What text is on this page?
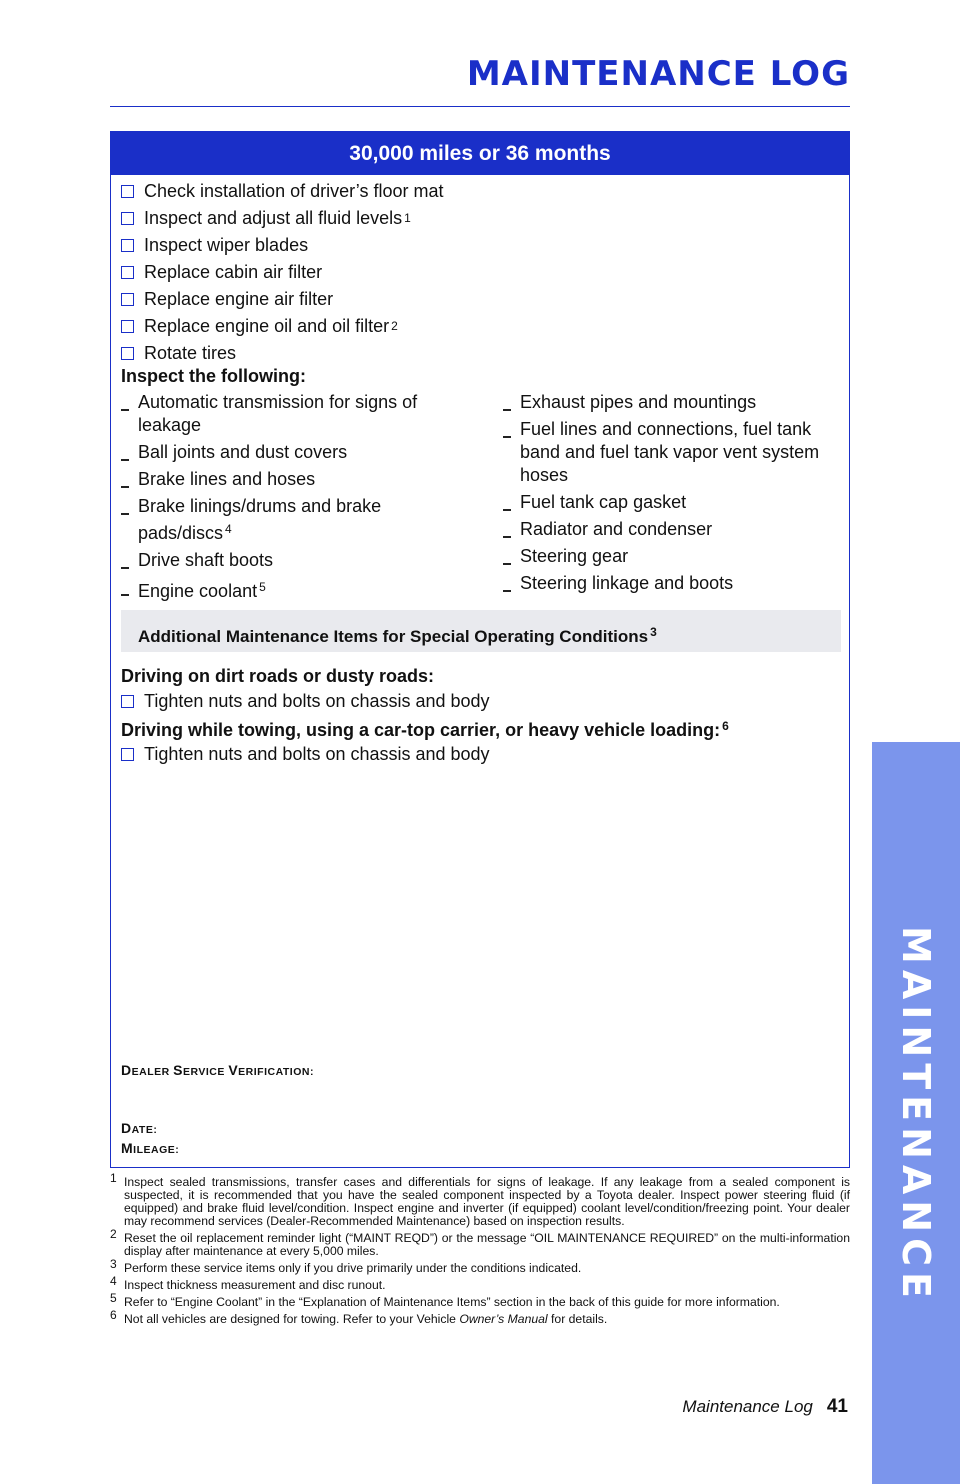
MAINTENANCE LOG
MAINTENANCE
30,000 miles or 36 months
Check installation of driver’s floor mat
Inspect and adjust all fluid levels 1
Inspect wiper blades
Replace cabin air filter
Replace engine air filter
Replace engine oil and oil filter 2
Rotate tires
Inspect the following:
Automatic transmission for signs of leakage
Ball joints and dust covers
Brake lines and hoses
Brake linings/drums and brake pads/discs $^4$
Drive shaft boots
Engine coolant $^5$
Exhaust pipes and mountings
Fuel lines and connections, fuel tank band and fuel tank vapor vent system hoses
Fuel tank cap gasket
Radiator and condenser
Steering gear
Steering linkage and boots
Additional Maintenance Items for Special Operating Conditions $^3$
Driving on dirt roads or dusty roads:
Tighten nuts and bolts on chassis and body
Driving while towing, using a car-top carrier, or heavy vehicle loading: $^6$
Tighten nuts and bolts on chassis and body
DEALER SERVICE VERIFICATION:
DATE:
MILEAGE:
1 Inspect sealed transmissions, transfer cases and differentials for signs of leakage. If any leakage from a sealed component is suspected, it is recommended that you have the sealed component inspected by a Toyota dealer. Inspect power steering fluid (if equipped) and brake fluid level/condition. Inspect engine and inverter (if equipped) coolant level/condition/freezing point. Your dealer may recommend services (Dealer-Recommended Maintenance) based on inspection results.
2 Reset the oil replacement reminder light (“MAINT REQD”) or the message “OIL MAINTENANCE REQUIRED” on the multi-information display after maintenance at every 5,000 miles.
3 Perform these service items only if you drive primarily under the conditions indicated.
4 Inspect thickness measurement and disc runout.
5 Refer to “Engine Coolant” in the “Explanation of Maintenance Items” section in the back of this guide for more information.
6 Not all vehicles are designed for towing. Refer to your Vehicle Owner’s Manual for details.
Maintenance Log 41
